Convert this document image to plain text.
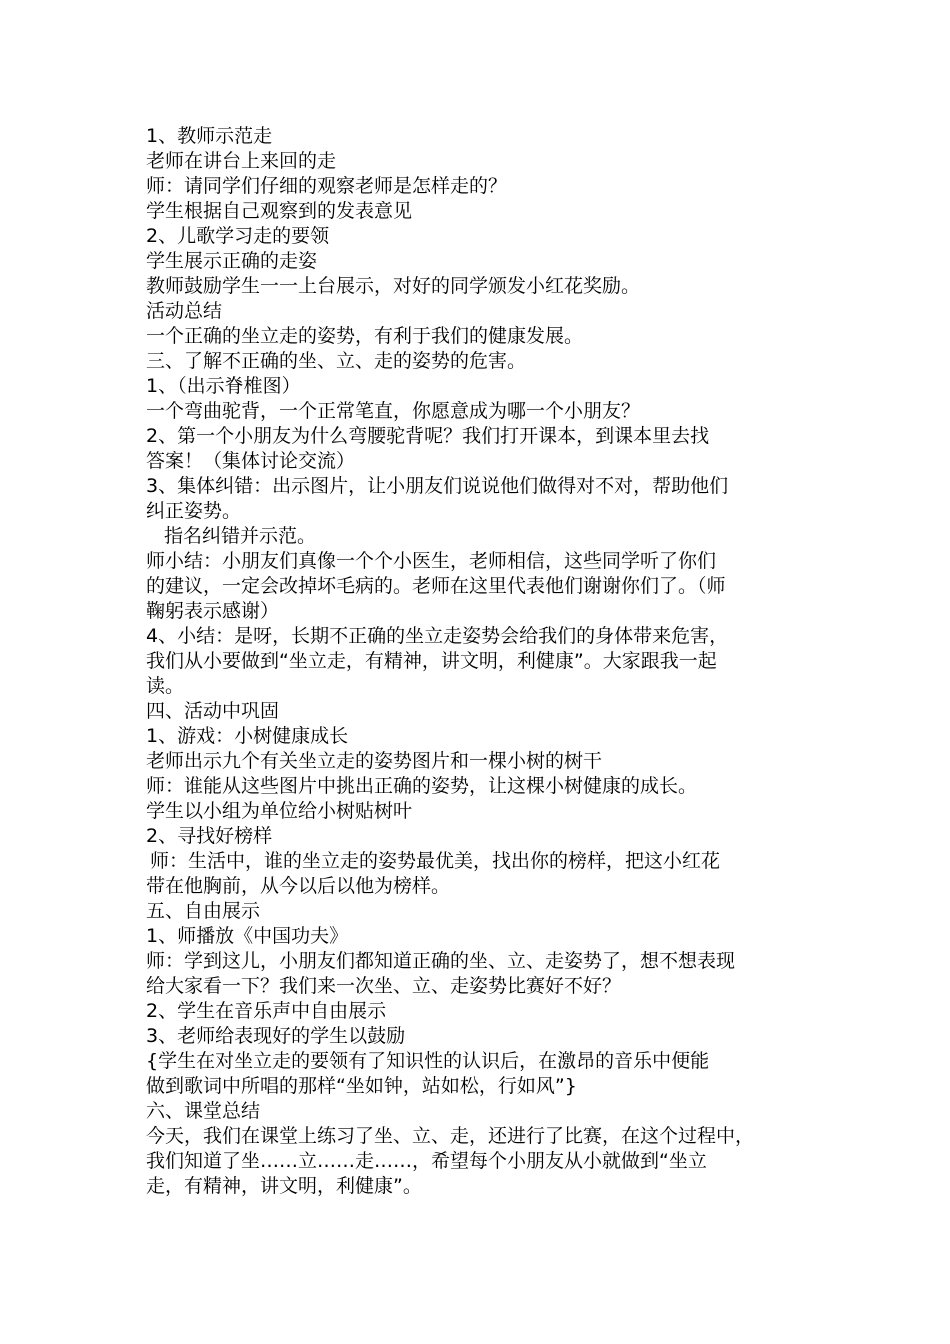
1、教师示范走
老师在讲台上来回的走
师：请同学们仔细的观察老师是怎样走的？
学生根据自己观察到的发表意见
2、儿歌学习走的要领
学生展示正确的走姿
教师鼓励学生一一上台展示，对好的同学颁发小红花奖励。
活动总结
一个正确的坐立走的姿势，有利于我们的健康发展。
三、了解不正确的坐、立、走的姿势的危害。
1、（出示脊椎图）
一个弯曲驼背，一个正常笔直，你愿意成为哪一个小朋友？
2、第一个小朋友为什么弯腰驼背呢？我们打开课本，到课本里去找
答案！（集体讨论交流）
3、集体纠错：出示图片，让小朋友们说说他们做得对不对，帮助他们
纠正姿势。
指名纠错并示范。
师小结：小朋友们真像一个个小医生，老师相信，这些同学听了你们
的建议，一定会改掉坏毛病的。老师在这里代表他们谢谢你们了。（师
鞠躬表示感谢）
4、小结：是呀，长期不正确的坐立走姿势会给我们的身体带来危害，
我们从小要做到“坐立走，有精神，讲文明，利健康”。大家跟我一起
读。
四、活动中巩固
1、游戏：小树健康成长
老师出示九个有关坐立走的姿势图片和一棵小树的树干
师：谁能从这些图片中挑出正确的姿势，让这棵小树健康的成长。
学生以小组为单位给小树贴树叶
2、寻找好榜样
师：生活中，谁的坐立走的姿势最优美，找出你的榜样，把这小红花
带在他胸前，从今以后以他为榜样。
五、自由展示
1、师播放《中国功夫》
师：学到这儿，小朋友们都知道正确的坐、立、走姿势了，想不想表现
给大家看一下？我们来一次坐、立、走姿势比赛好不好？
2、学生在音乐声中自由展示
3、老师给表现好的学生以鼓励
{学生在对坐立走的要领有了知识性的认识后，在激昂的音乐中便能
做到歌词中所唱的那样“坐如钟，站如松，行如风”}
六、课堂总结
今天，我们在课堂上练习了坐、立、走，还进行了比赛，在这个过程中，
我们知道了坐……立……走……，希望每个小朋友从小就做到“坐立
走，有精神，讲文明，利健康”。
